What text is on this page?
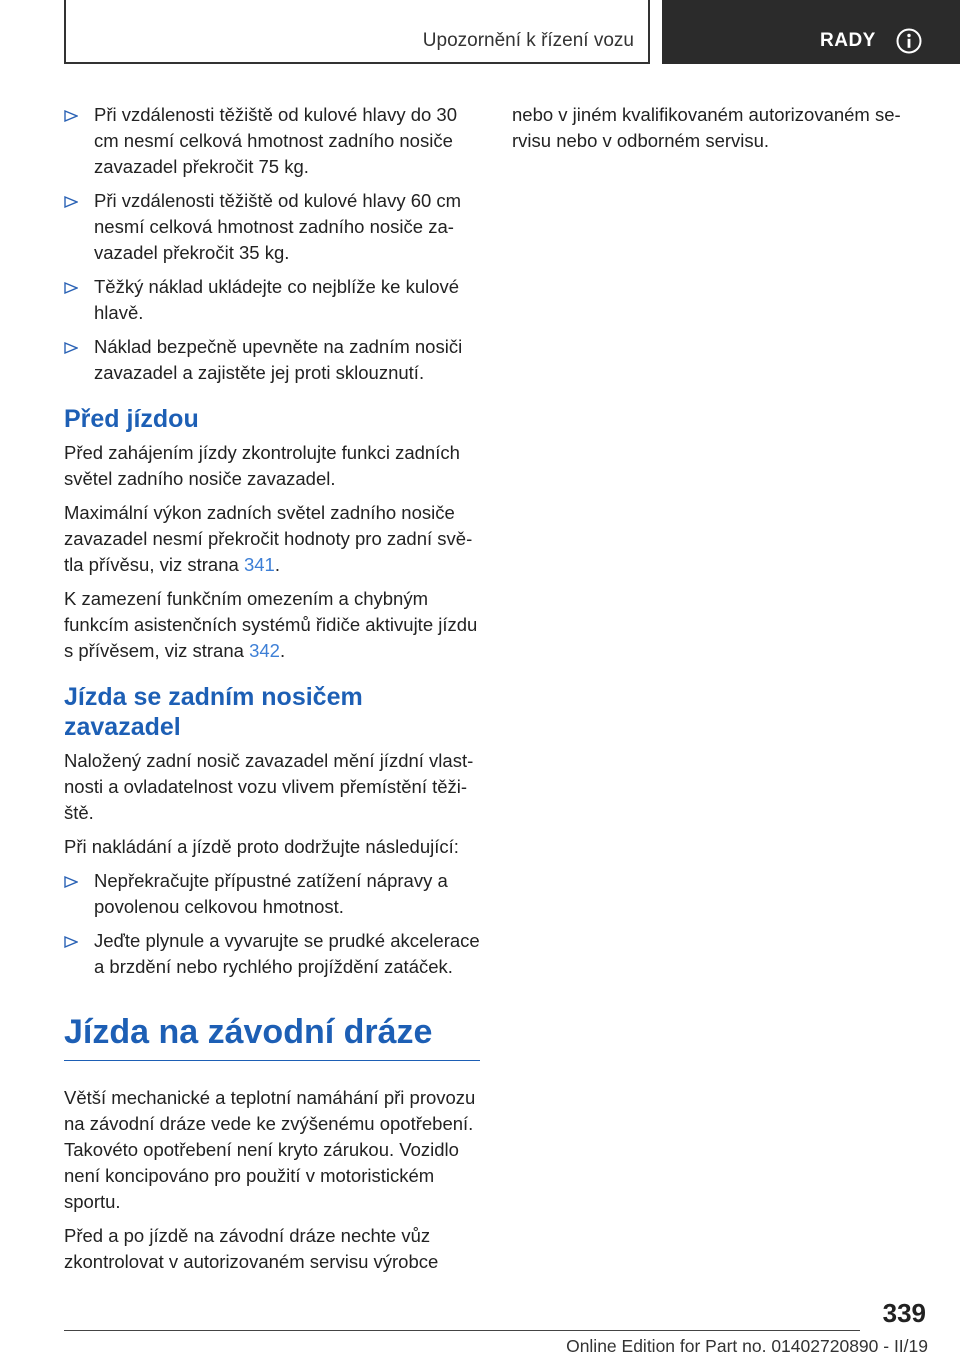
Upozornění k řízení vozu	RADY
Při vzdálenosti těžiště od kulové hlavy do 30 cm nesmí celková hmotnost zadního nosiče zavazadel překročit 75 kg.
Při vzdálenosti těžiště od kulové hlavy 60 cm nesmí celková hmotnost zadního nosiče zavazadel překročit 35 kg.
Těžký náklad ukládejte co nejblíže ke kulové hlavě.
Náklad bezpečně upevněte na zadním nosiči zavazadel a zajistěte jej proti sklouznutí.
Před jízdou

Před zahájením jízdy zkontrolujte funkci zadních světel zadního nosiče zavazadel.

Maximální výkon zadních světel zadního nosiče zavazadel nesmí překročit hodnoty pro zadní světla přívěsu, viz strana 341.

K zamezení funkčním omezením a chybným funkcím asistenčních systémů řidiče aktivujte jízdu s přívěsem, viz strana 342.

Jízda se zadním nosičem zavazadel

Naložený zadní nosič zavazadel mění jízdní vlastnosti a ovladatelnost vozu vlivem přemístění těžiště.

Při nakládání a jízdě proto dodržujte následující:

Nepřekračujte přípustné zatížení nápravy a povolenou celkovou hmotnost.
Jeďte plynule a vyvarujte se prudké akcelerace a brzdění nebo rychlého projíždění zatáček.
Jízda na závodní dráze

Větší mechanické a teplotní namáhání při provozu na závodní dráze vede ke zvýšenému opotřebení. Takovéto opotřebení není kryto zárukou. Vozidlo není koncipováno pro použití v motoristickém sportu.

Před a po jízdě na závodní dráze nechte vůz zkontrolovat v autorizovaném servisu výrobce

nebo v jiném kvalifikovaném autorizovaném servisu nebo v odborném servisu.

339
Online Edition for Part no. 01402720890 - II/19
